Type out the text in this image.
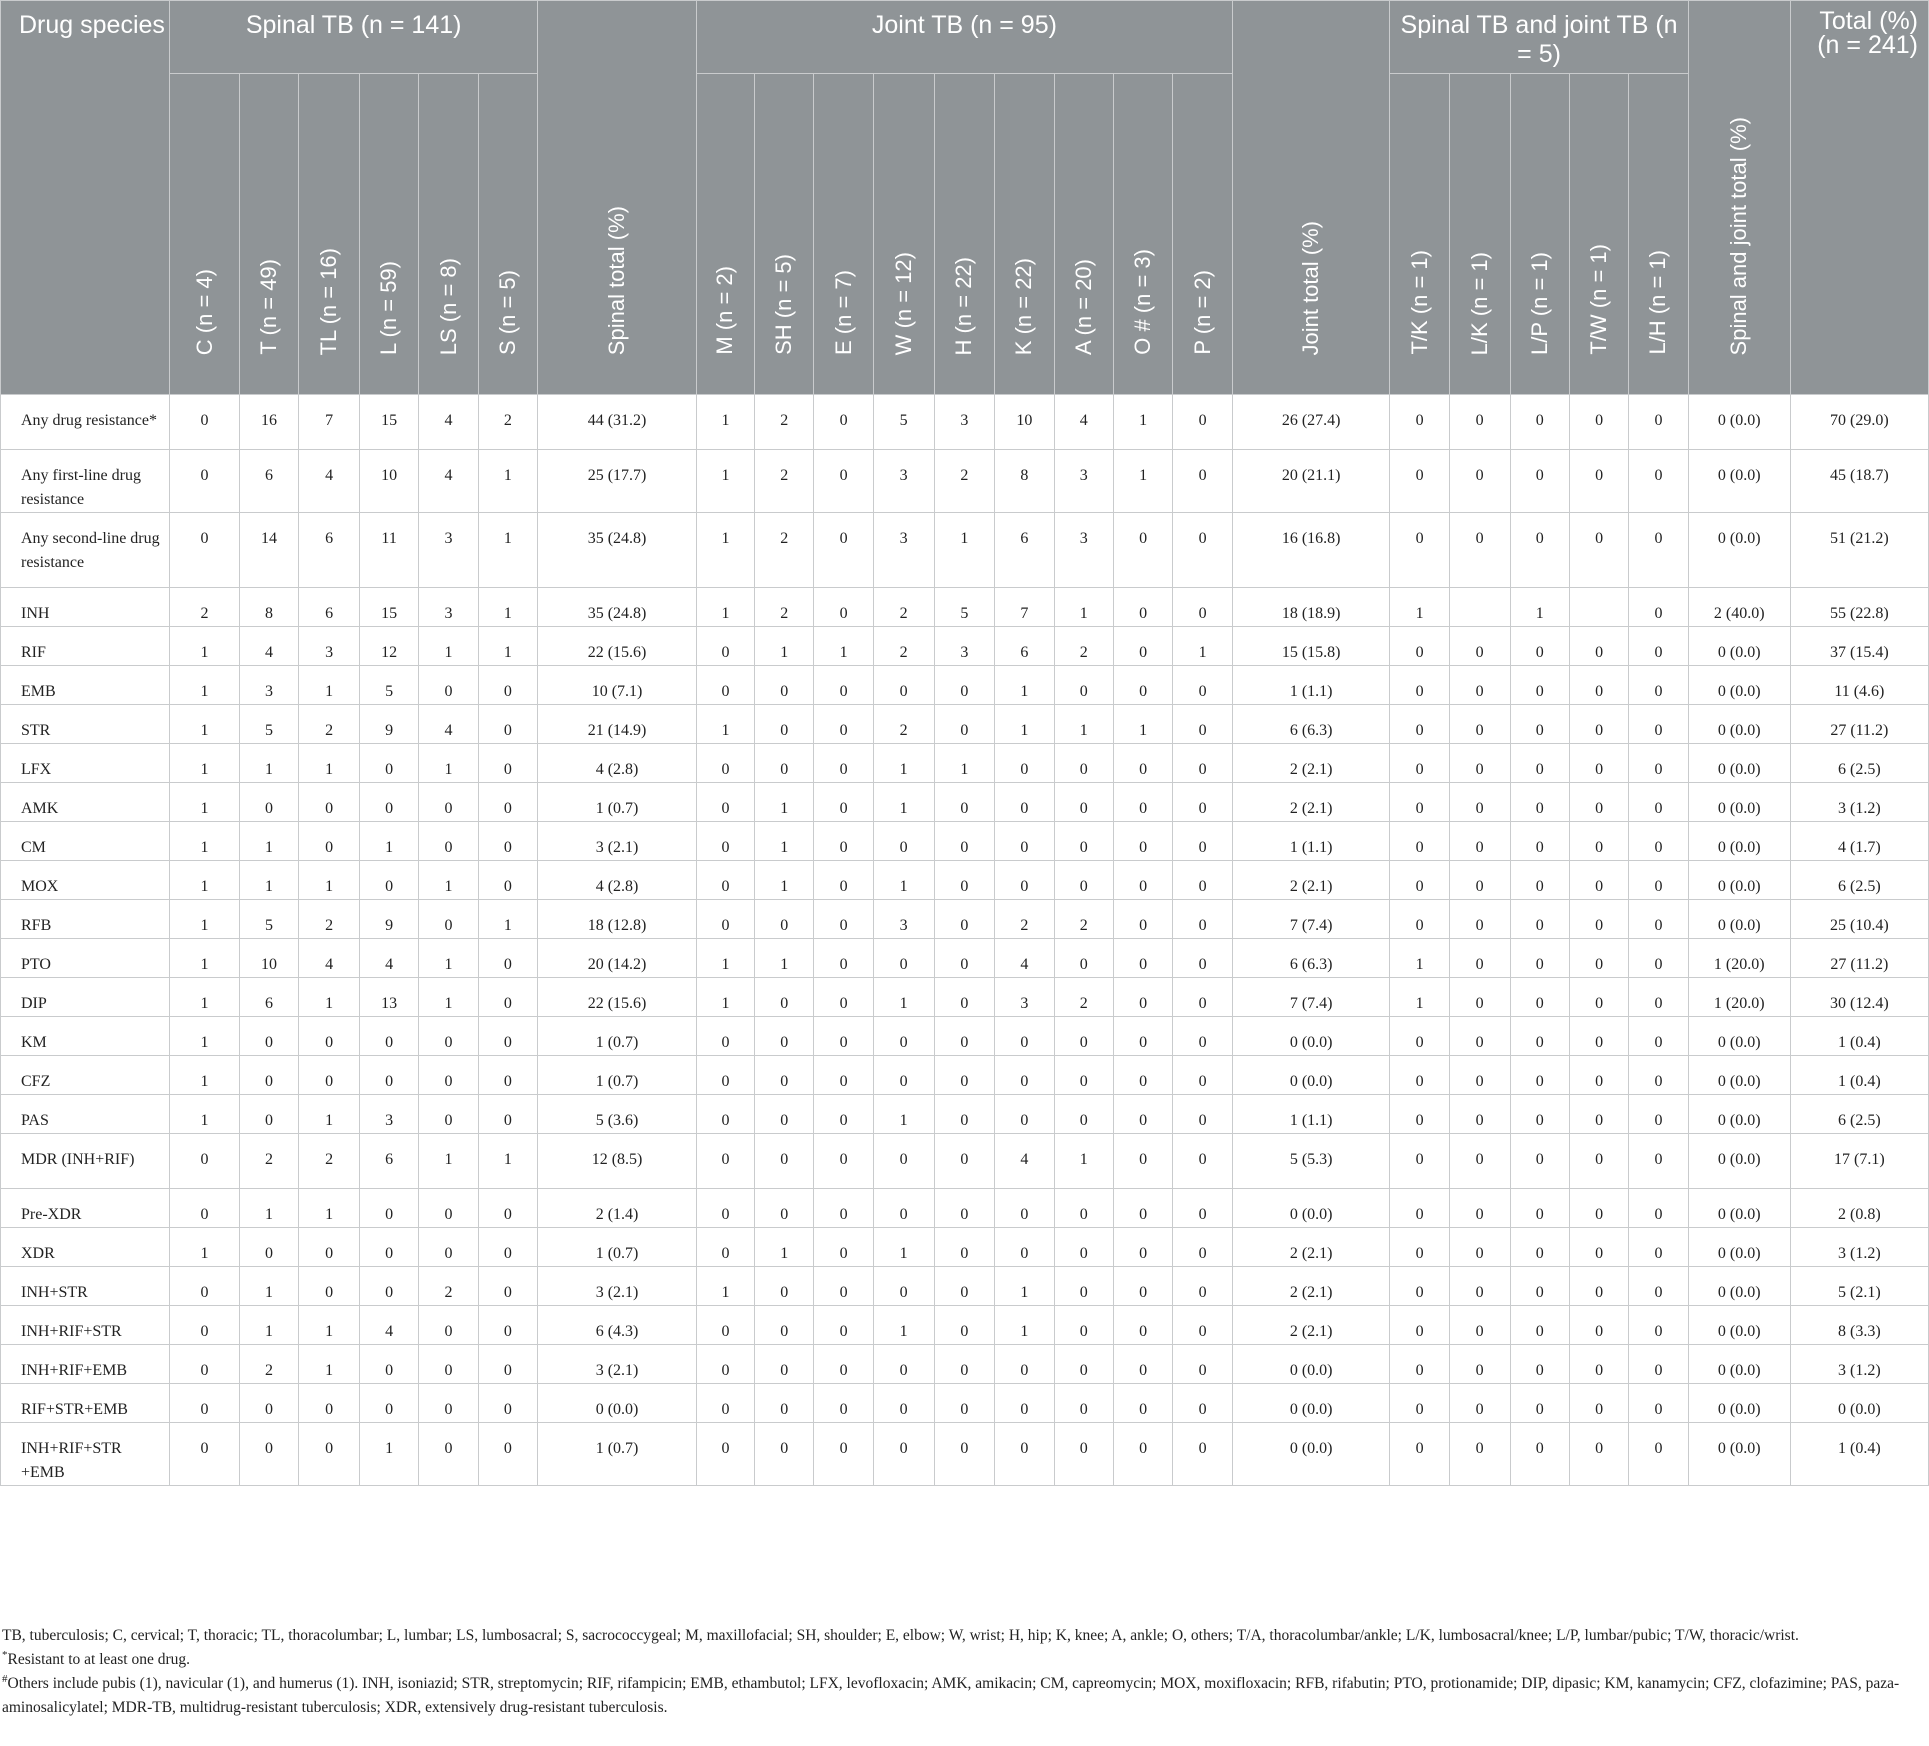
Drug species	Spinal TB (n = 141)							Joint TB (n = 95)										Spinal TB and joint TB (n = 5)						Total (%) (n = 241)
	C (n = 4)	T (n = 49)	TL (n = 16)	L (n = 59)	LS (n = 8)	S (n = 5)	Spinal total (%)	M (n = 2)	SH (n = 5)	E (n = 7)	W (n = 12)	H (n = 22)	K (n = 22)	A (n = 20)	O # (n = 3)	P (n = 2)	Joint total (%)	T/K (n = 1)	L/K (n = 1)	L/P (n = 1)	T/W (n = 1)	L/H (n = 1)	Spinal and joint total (%)	
Any drug resistance*	0	16	7	15	4	2	44 (31.2)	1	2	0	5	3	10	4	1	0	26 (27.4)	0	0	0	0	0	0 (0.0)	70 (29.0)
Any first-line drug resistance	0	6	4	10	4	1	25 (17.7)	1	2	0	3	2	8	3	1	0	20 (21.1)	0	0	0	0	0	0 (0.0)	45 (18.7)
Any second-line drug resistance	0	14	6	11	3	1	35 (24.8)	1	2	0	3	1	6	3	0	0	16 (16.8)	0	0	0	0	0	0 (0.0)	51 (21.2)
INH	2	8	6	15	3	1	35 (24.8)	1	2	0	2	5	7	1	0	0	18 (18.9)	1		1		0	2 (40.0)	55 (22.8)
RIF	1	4	3	12	1	1	22 (15.6)	0	1	1	2	3	6	2	0	1	15 (15.8)	0	0	0	0	0	0 (0.0)	37 (15.4)
EMB	1	3	1	5	0	0	10 (7.1)	0	0	0	0	0	1	0	0	0	1 (1.1)	0	0	0	0	0	0 (0.0)	11 (4.6)
STR	1	5	2	9	4	0	21 (14.9)	1	0	0	2	0	1	1	1	0	6 (6.3)	0	0	0	0	0	0 (0.0)	27 (11.2)
LFX	1	1	1	0	1	0	4 (2.8)	0	0	0	1	1	0	0	0	0	2 (2.1)	0	0	0	0	0	0 (0.0)	6 (2.5)
AMK	1	0	0	0	0	0	1 (0.7)	0	1	0	1	0	0	0	0	0	2 (2.1)	0	0	0	0	0	0 (0.0)	3 (1.2)
CM	1	1	0	1	0	0	3 (2.1)	0	1	0	0	0	0	0	0	0	1 (1.1)	0	0	0	0	0	0 (0.0)	4 (1.7)
MOX	1	1	1	0	1	0	4 (2.8)	0	1	0	1	0	0	0	0	0	2 (2.1)	0	0	0	0	0	0 (0.0)	6 (2.5)
RFB	1	5	2	9	0	1	18 (12.8)	0	0	0	3	0	2	2	0	0	7 (7.4)	0	0	0	0	0	0 (0.0)	25 (10.4)
PTO	1	10	4	4	1	0	20 (14.2)	1	1	0	0	0	4	0	0	0	6 (6.3)	1	0	0	0	0	1 (20.0)	27 (11.2)
DIP	1	6	1	13	1	0	22 (15.6)	1	0	0	1	0	3	2	0	0	7 (7.4)	1	0	0	0	0	1 (20.0)	30 (12.4)
KM	1	0	0	0	0	0	1 (0.7)	0	0	0	0	0	0	0	0	0	0 (0.0)	0	0	0	0	0	0 (0.0)	1 (0.4)
CFZ	1	0	0	0	0	0	1 (0.7)	0	0	0	0	0	0	0	0	0	0 (0.0)	0	0	0	0	0	0 (0.0)	1 (0.4)
PAS	1	0	1	3	0	0	5 (3.6)	0	0	0	1	0	0	0	0	0	1 (1.1)	0	0	0	0	0	0 (0.0)	6 (2.5)
MDR (INH+RIF)	0	2	2	6	1	1	12 (8.5)	0	0	0	0	0	4	1	0	0	5 (5.3)	0	0	0	0	0	0 (0.0)	17 (7.1)
Pre-XDR	0	1	1	0	0	0	2 (1.4)	0	0	0	0	0	0	0	0	0	0 (0.0)	0	0	0	0	0	0 (0.0)	2 (0.8)
XDR	1	0	0	0	0	0	1 (0.7)	0	1	0	1	0	0	0	0	0	2 (2.1)	0	0	0	0	0	0 (0.0)	3 (1.2)
INH+STR	0	1	0	0	2	0	3 (2.1)	1	0	0	0	0	1	0	0	0	2 (2.1)	0	0	0	0	0	0 (0.0)	5 (2.1)
INH+RIF+STR	0	1	1	4	0	0	6 (4.3)	0	0	0	1	0	1	0	0	0	2 (2.1)	0	0	0	0	0	0 (0.0)	8 (3.3)
INH+RIF+EMB	0	2	1	0	0	0	3 (2.1)	0	0	0	0	0	0	0	0	0	0 (0.0)	0	0	0	0	0	0 (0.0)	3 (1.2)
RIF+STR+EMB	0	0	0	0	0	0	0 (0.0)	0	0	0	0	0	0	0	0	0	0 (0.0)	0	0	0	0	0	0 (0.0)	0 (0.0)
INH+RIF+STR +EMB	0	0	0	1	0	0	1 (0.7)	0	0	0	0	0	0	0	0	0	0 (0.0)	0	0	0	0	0	0 (0.0)	1 (0.4)

TB, tuberculosis; C, cervical; T, thoracic; TL, thoracolumbar; L, lumbar; LS, lumbosacral; S, sacrococcygeal; M, maxillofacial; SH, shoulder; E, elbow; W, wrist; H, hip; K, knee; A, ankle; O, others; T/A, thoracolumbar/ankle; L/K, lumbosacral/knee; L/P, lumbar/pubic; T/W, thoracic/wrist.

*Resistant to at least one drug.

#Others include pubis (1), navicular (1), and humerus (1). INH, isoniazid; STR, streptomycin; RIF, rifampicin; EMB, ethambutol; LFX, levofloxacin; AMK, amikacin; CM, capreomycin; MOX, moxifloxacin; RFB, rifabutin; PTO, protionamide; DIP, dipasic; KM, kanamycin; CFZ, clofazimine; PAS, paza-aminosalicylatel; MDR-TB, multidrug-resistant tuberculosis; XDR, extensively drug-resistant tuberculosis.
